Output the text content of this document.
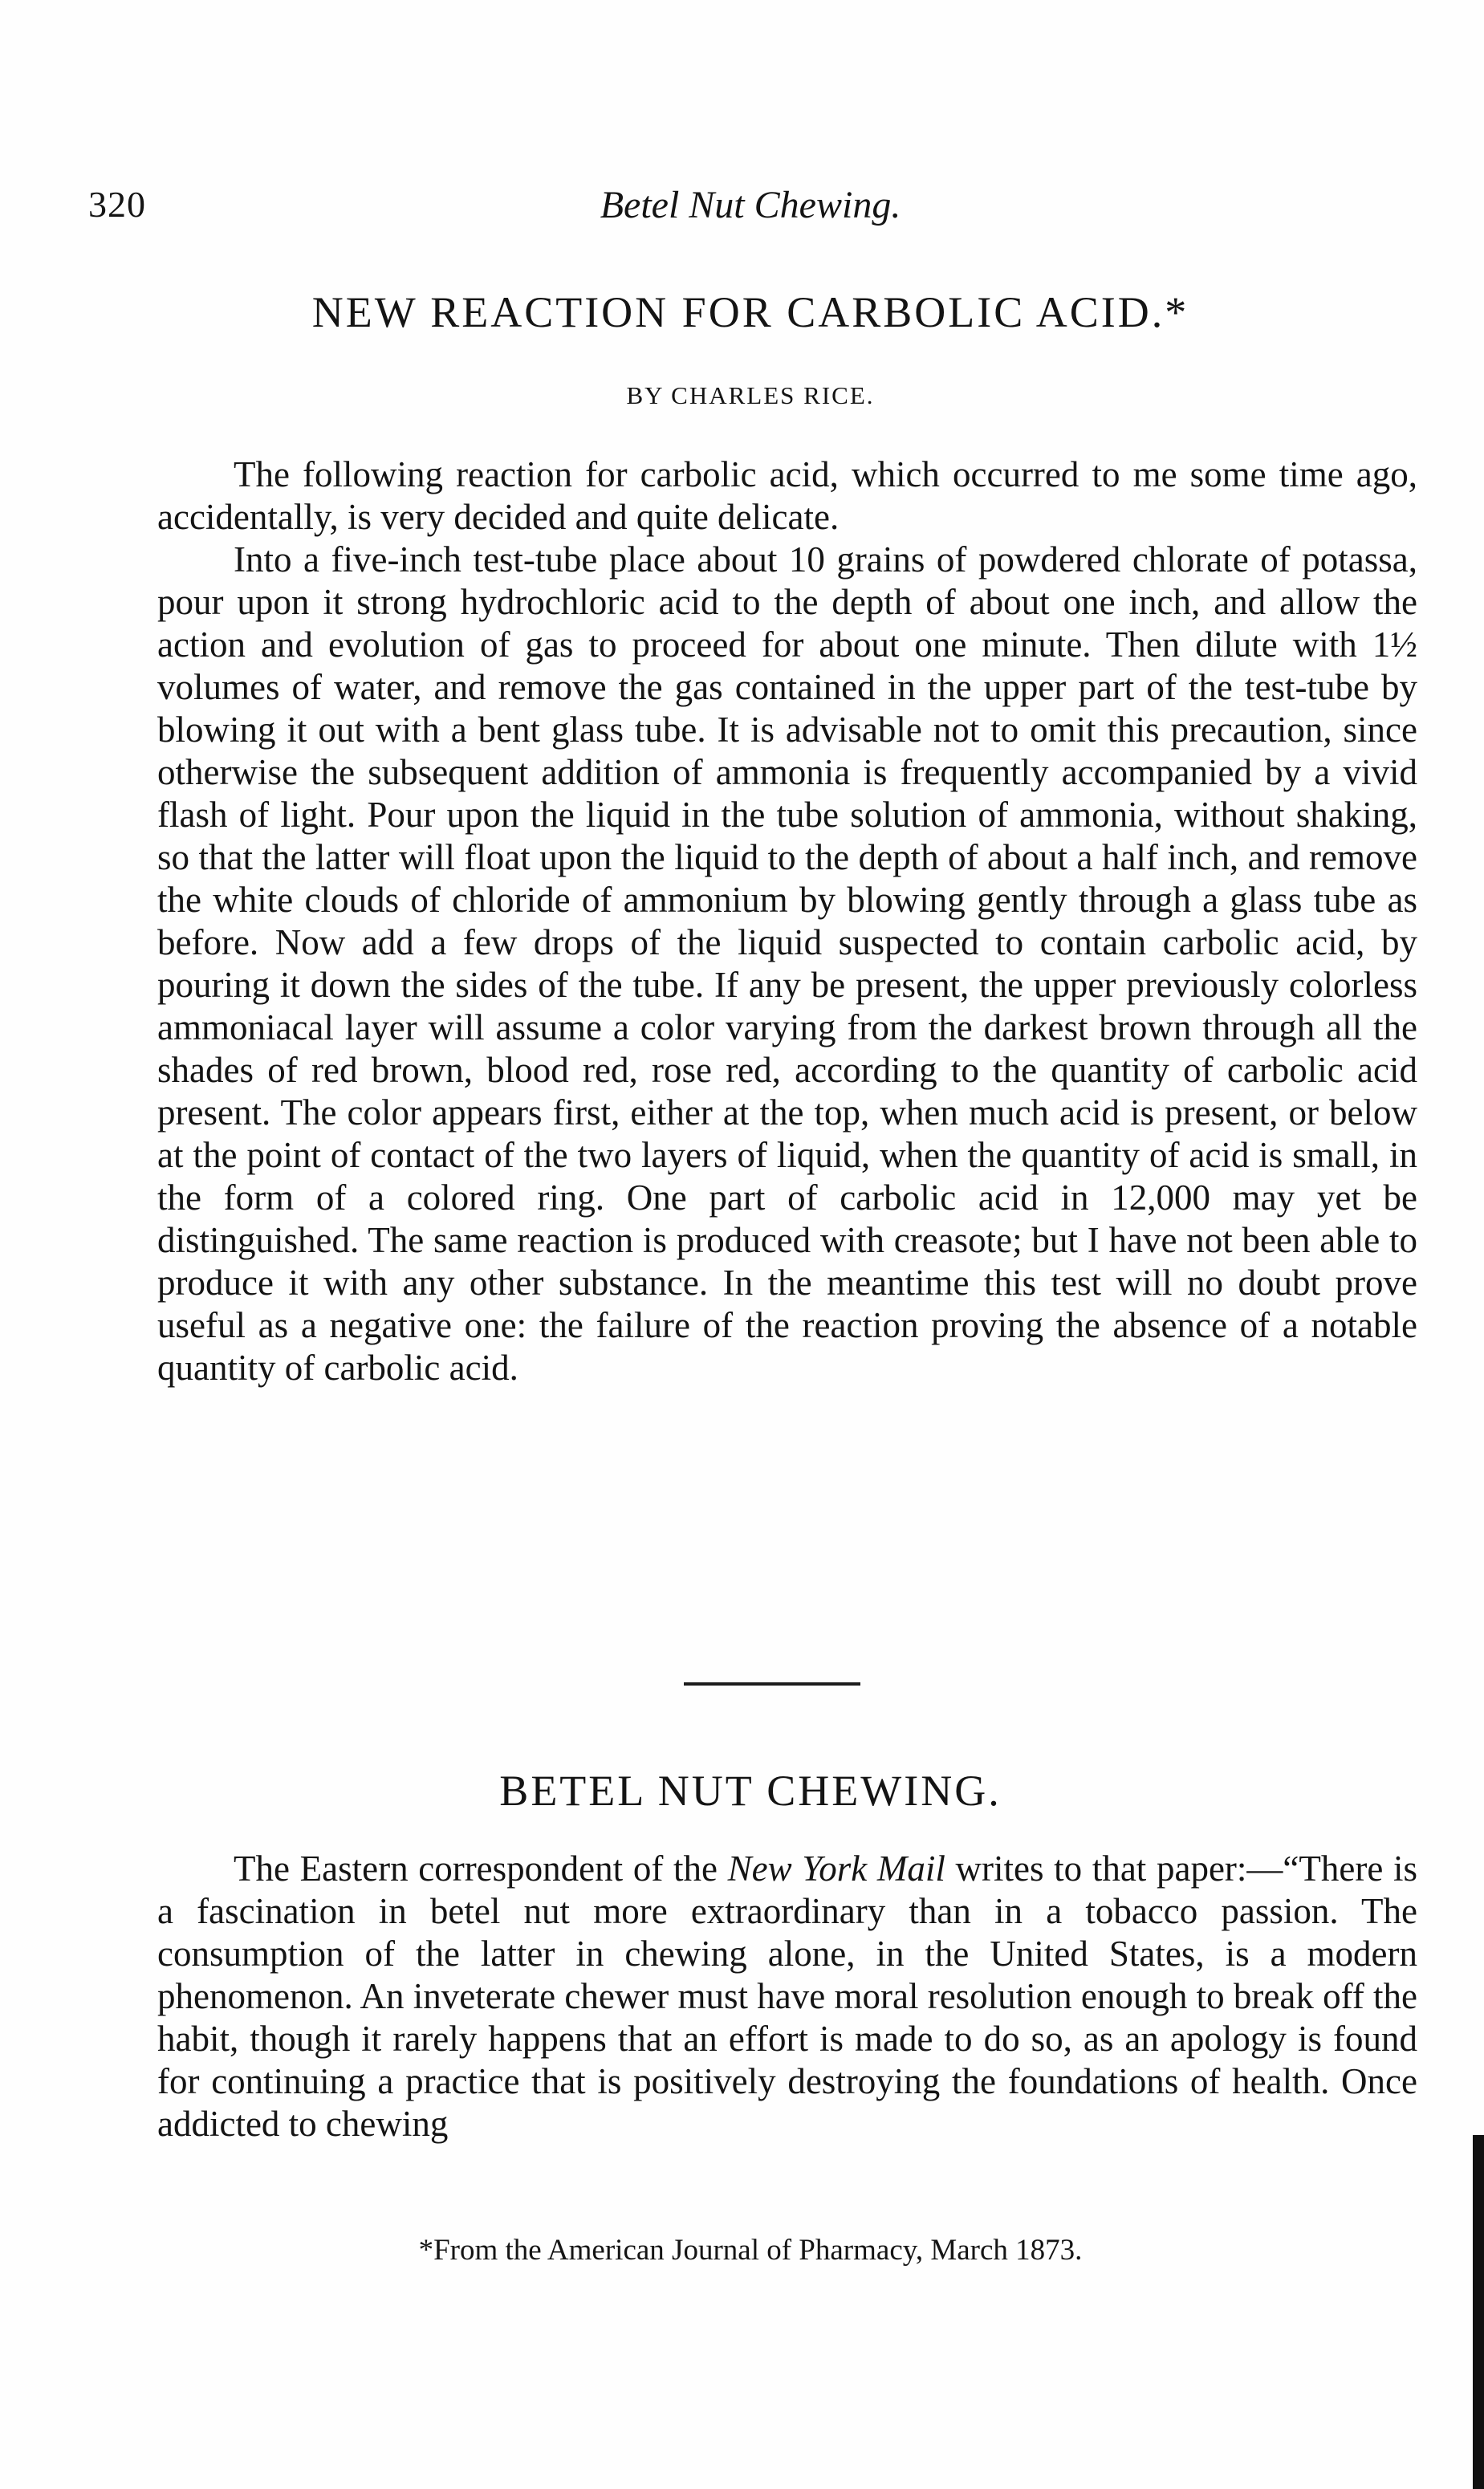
320	Betel Nut Chewing.
NEW REACTION FOR CARBOLIC ACID.*
BY CHARLES RICE.

The following reaction for carbolic acid, which occurred to me some time ago, accidentally, is very decided and quite delicate.

Into a five-inch test-tube place about 10 grains of powdered chlorate of potassa, pour upon it strong hydrochloric acid to the depth of about one inch, and allow the action and evolution of gas to proceed for about one minute. Then dilute with 1½ volumes of water, and remove the gas contained in the upper part of the test-tube by blowing it out with a bent glass tube. It is advisable not to omit this precaution, since otherwise the subsequent addition of ammonia is frequently accompanied by a vivid flash of light. Pour upon the liquid in the tube solution of ammonia, without shaking, so that the latter will float upon the liquid to the depth of about a half inch, and remove the white clouds of chloride of ammonium by blowing gently through a glass tube as before. Now add a few drops of the liquid suspected to contain carbolic acid, by pouring it down the sides of the tube. If any be present, the upper previously colorless ammoniacal layer will assume a color varying from the darkest brown through all the shades of red brown, blood red, rose red, according to the quantity of carbolic acid present. The color appears first, either at the top, when much acid is present, or below at the point of contact of the two layers of liquid, when the quantity of acid is small, in the form of a colored ring. One part of carbolic acid in 12,000 may yet be distinguished. The same reaction is produced with creasote; but I have not been able to produce it with any other substance. In the meantime this test will no doubt prove useful as a negative one: the failure of the reaction proving the absence of a notable quantity of carbolic acid.

BETEL NUT CHEWING.

The Eastern correspondent of the New York Mail writes to that paper:—“There is a fascination in betel nut more extraordinary than in a tobacco passion. The consumption of the latter in chewing alone, in the United States, is a modern phenomenon. An inveterate chewer must have moral resolution enough to break off the habit, though it rarely happens that an effort is made to do so, as an apology is found for continuing a practice that is positively destroying the foundations of health. Once addicted to chewing

*From the American Journal of Pharmacy, March 1873.
